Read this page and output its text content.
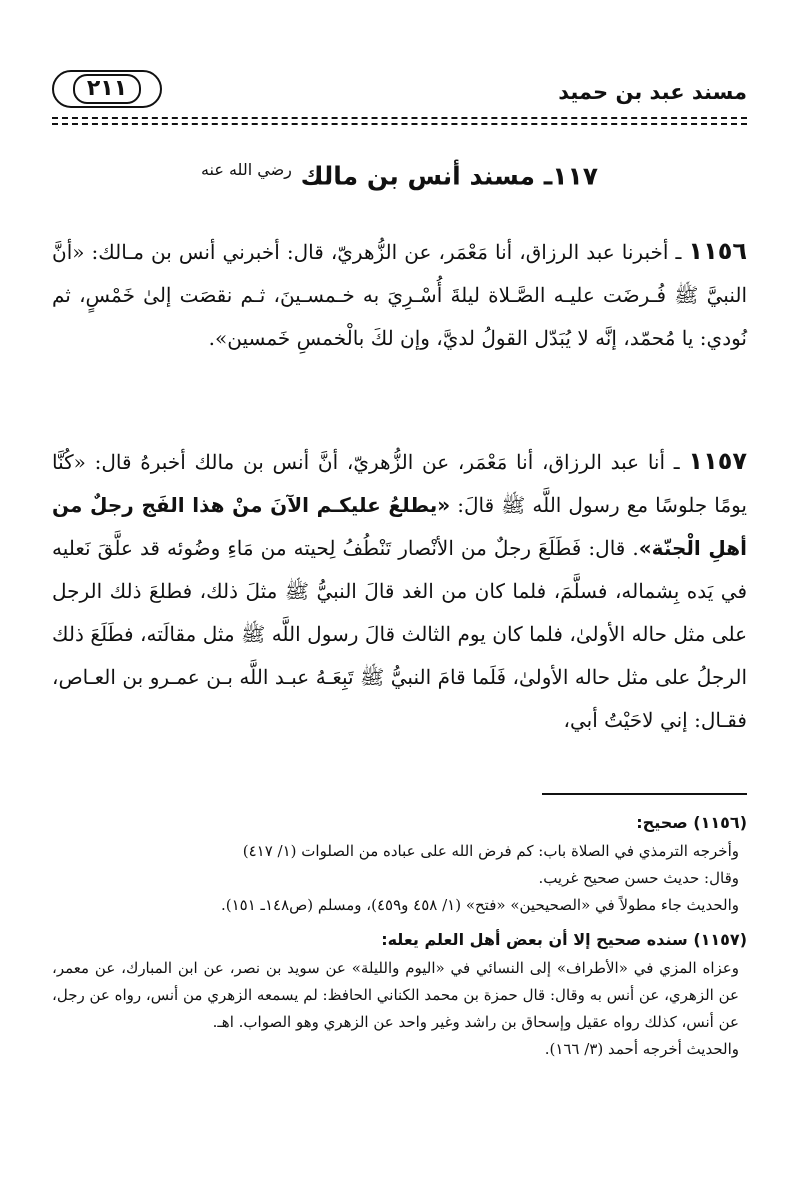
مسند عبد بن حميد
٢١١
١١٧ـ مسند أنس بن مالك $^{رضي الله عنه}$

١١٥٦ ـ أخبرنا عبد الرزاق، أنا مَعْمَر، عن الزُّهريّ، قال: أخبرني أنس بن مـالك: «أنَّ النبيَّ ﷺ فُـرضَت عليـه الصَّـلاة ليلةَ أُسْـرِيَ به خـمسـينَ، ثـم نقصَت إلىٰ خَمْسٍ، ثم نُودي: يا مُحمّد، إنَّه لا يُبَدّل القولُ لديَّ، وإن لكَ بالْخمسِ خَمسين».

١١٥٧ ـ أنا عبد الرزاق، أنا مَعْمَر، عن الزُّهريّ، أنَّ أنس بن مالك أخبرهُ قال: «كُنَّا يومًا جلوسًا مع رسول اللَّه ﷺ قالَ: «يطلعُ عليكـم الآنَ منْ هذا الفَج رجلٌ من أهلِ الْجنّة». قال: فَطَلَعَ رجلٌ من الأنْصار تَنْطُفُ لِحيته من مَاءِ وضُوئه قد علَّقَ نَعليه في يَده بِشماله، فسلَّمَ، فلما كان من الغد قالَ النبيُّ ﷺ مثلَ ذلك، فطلعَ ذلك الرجل على مثل حاله الأولىٰ، فلما كان يوم الثالث قالَ رسول اللَّه ﷺ مثل مقالَته، فطَلَعَ ذلك الرجلُ على مثل حاله الأولىٰ، فَلَما قامَ النبيُّ ﷺ تَبِعَـهُ عبـد اللَّه بـن عمـرو بن العـاص، فقـال: إني لاحَيْتُ أبي،

(١١٥٦) صحيح:

وأخرجه الترمذي في الصلاة باب: كم فرض الله على عباده من الصلوات (١/ ٤١٧)

وقال: حديث حسن صحيح غريب.

والحديث جاء مطولاً في «الصحيحين» «فتح» (١/ ٤٥٨ و٤٥٩)، ومسلم (ص١٤٨ـ ١٥١).

(١١٥٧) سنده صحيح إلا أن بعض أهل العلم يعله:

وعزاه المزي في «الأطراف» إلى النسائي في «اليوم والليلة» عن سويد بن نصر، عن ابن المبارك، عن معمر، عن الزهري، عن أنس به وقال: قال حمزة بن محمد الكناني الحافظ: لم يسمعه الزهري من أنس، رواه عن رجل، عن أنس، كذلك رواه عقيل وإسحاق بن راشد وغير واحد عن الزهري وهو الصواب. اهـ.

والحديث أخرجه أحمد (٣/ ١٦٦).
